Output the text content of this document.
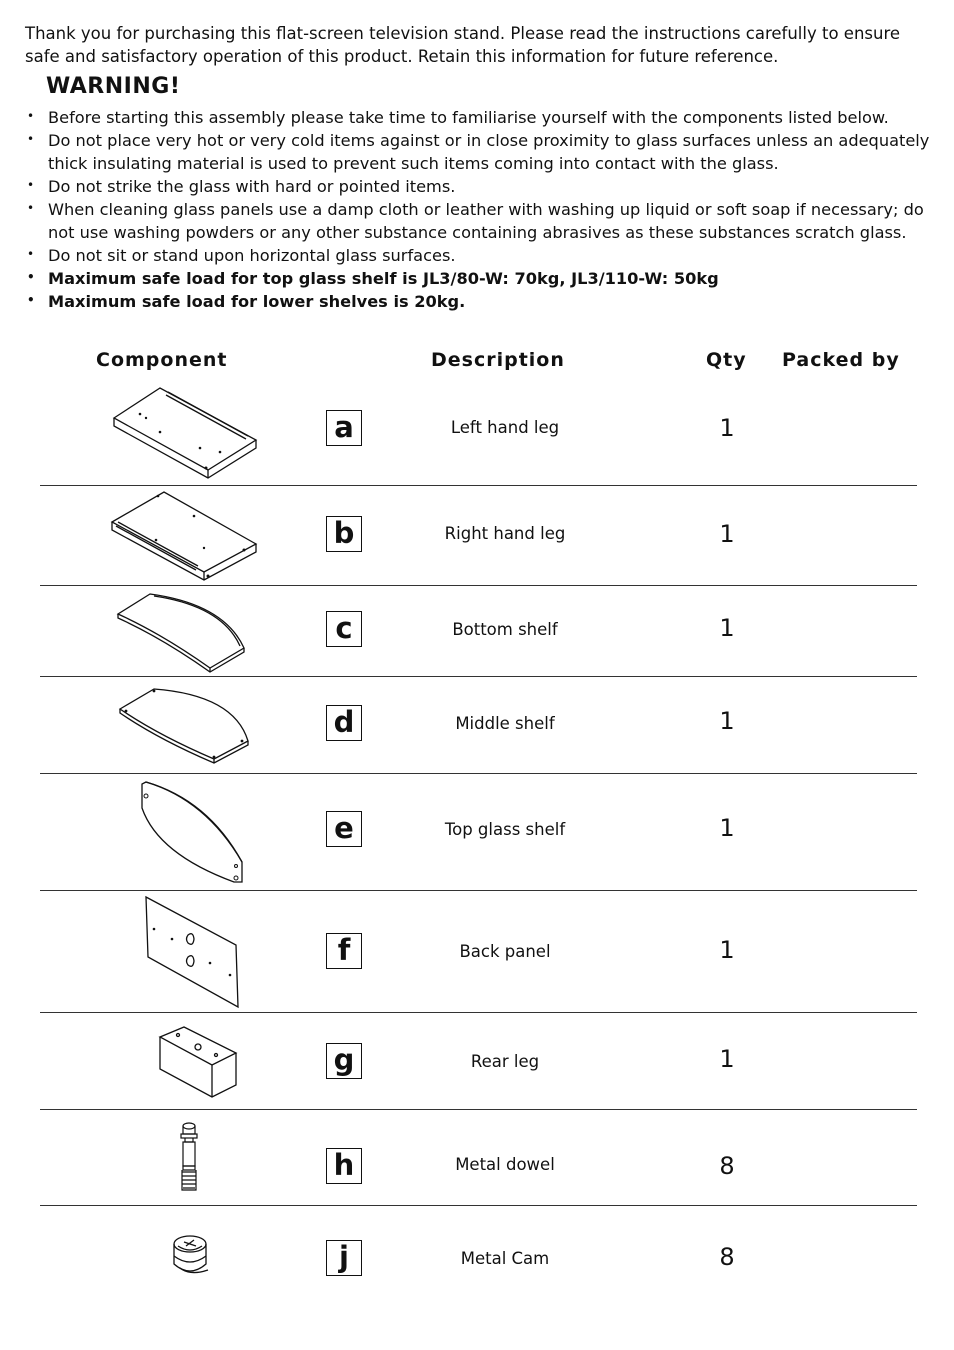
Thank you for purchasing this flat-screen television stand. Please read the instructions carefully to ensure safe and satisfactory operation of this product. Retain this information for future reference.
WARNING!
• Before starting this assembly please take time to familiarise yourself with the components listed below.
• Do not place very hot or very cold items against or in close proximity to glass surfaces unless an adequately thick insulating material is used to prevent such items coming into contact with the glass.
• Do not strike the glass with hard or pointed items.
• When cleaning glass panels use a damp cloth or leather with washing up liquid or soft soap if necessary; do not use washing powders or any other substance containing abrasives as these substances scratch glass.
• Do not sit or stand upon horizontal glass surfaces.
• Maximum safe load for top glass shelf is JL3/80-W: 70kg, JL3/110-W: 50kg
• Maximum safe load for lower shelves is 20kg.
Component	Description	Qty Packed by
a	Left hand leg	1
b	Right hand leg	1
c	Bottom shelf	1
d	Middle shelf	1
e	Top glass shelf	1
f	Back panel	1
g	Rear leg	1
h	Metal dowel	8
j	Metal Cam	8
